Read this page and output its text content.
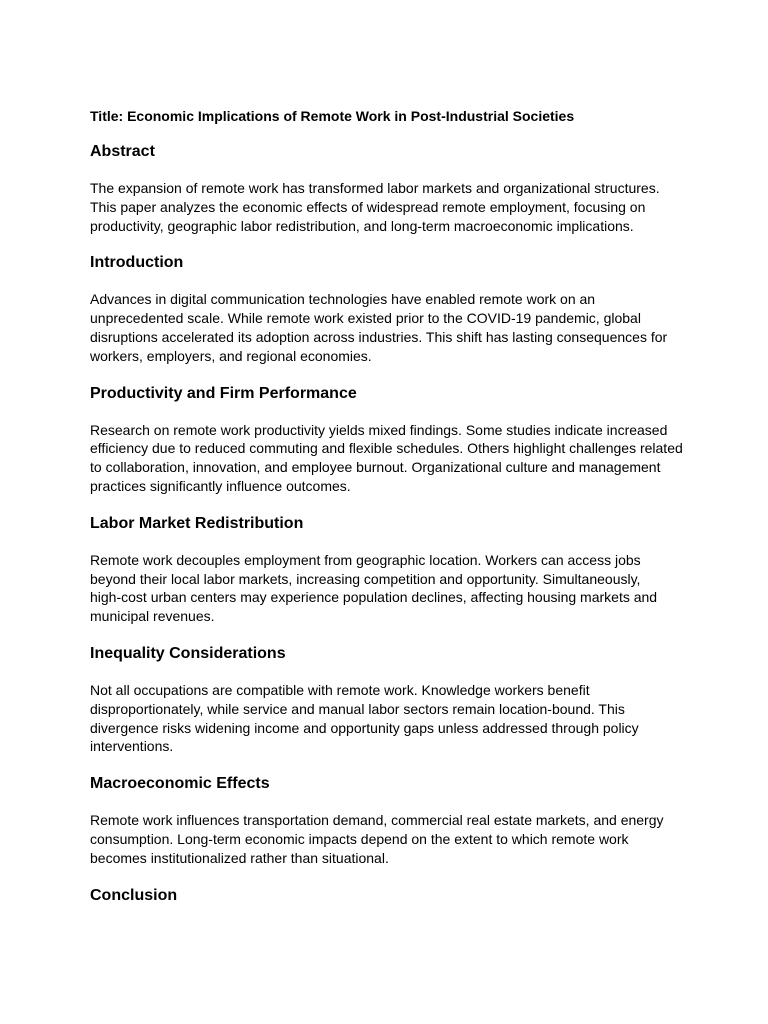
Title: Economic Implications of Remote Work in Post-Industrial Societies
Abstract
The expansion of remote work has transformed labor markets and organizational structures.
This paper analyzes the economic effects of widespread remote employment, focusing on
productivity, geographic labor redistribution, and long-term macroeconomic implications.
Introduction
Advances in digital communication technologies have enabled remote work on an
unprecedented scale. While remote work existed prior to the COVID-19 pandemic, global
disruptions accelerated its adoption across industries. This shift has lasting consequences for
workers, employers, and regional economies.
Productivity and Firm Performance
Research on remote work productivity yields mixed findings. Some studies indicate increased
efficiency due to reduced commuting and flexible schedules. Others highlight challenges related
to collaboration, innovation, and employee burnout. Organizational culture and management
practices significantly influence outcomes.
Labor Market Redistribution
Remote work decouples employment from geographic location. Workers can access jobs
beyond their local labor markets, increasing competition and opportunity. Simultaneously,
high-cost urban centers may experience population declines, affecting housing markets and
municipal revenues.
Inequality Considerations
Not all occupations are compatible with remote work. Knowledge workers benefit
disproportionately, while service and manual labor sectors remain location-bound. This
divergence risks widening income and opportunity gaps unless addressed through policy
interventions.
Macroeconomic Effects
Remote work influences transportation demand, commercial real estate markets, and energy
consumption. Long-term economic impacts depend on the extent to which remote work
becomes institutionalized rather than situational.
Conclusion
